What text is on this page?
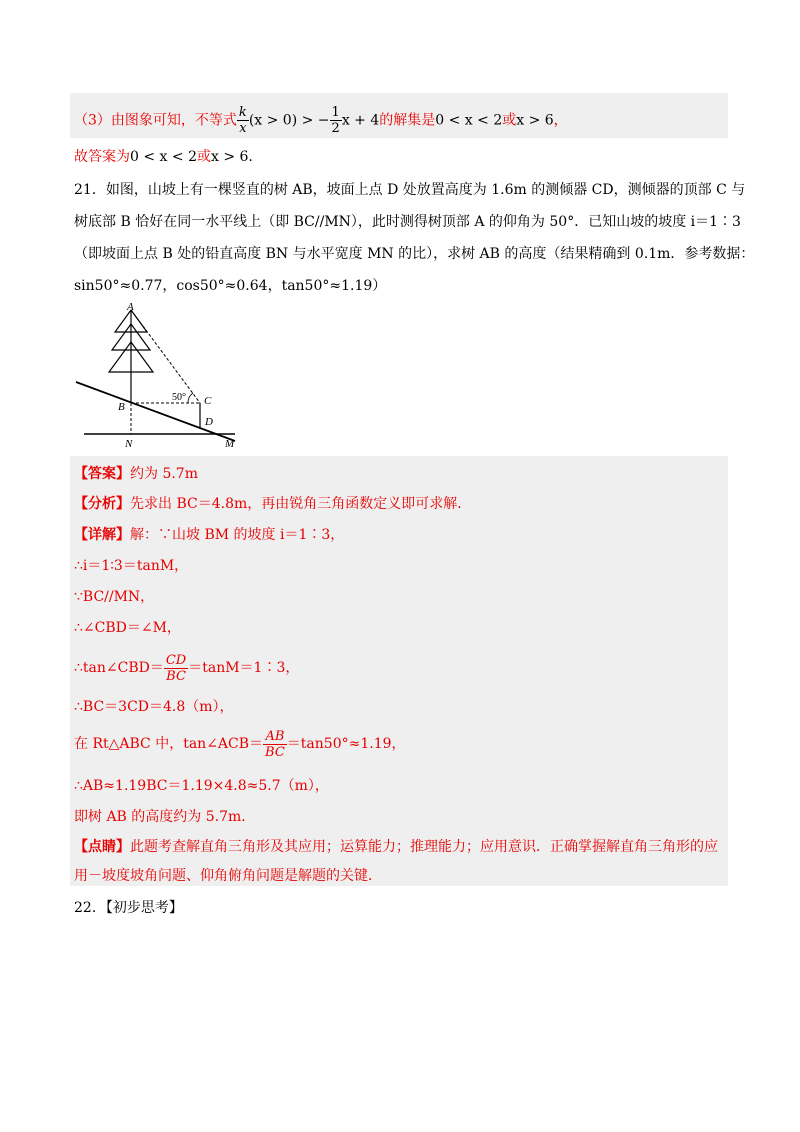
（3）由图象可知，不等式 $\frac{k}{x} (x > 0)$ > − $\frac{1}{2}$ x + 4的解集是0 < x < 2或x > 6，
故答案为0 < x < 2或x > 6.
21．如图，山坡上有一棵竖直的树 AB，坡面上点 D 处放置高度为 1.6m 的测倾器 CD，测倾器的顶部 C 与
树底部 B 恰好在同一水平线上（即 BC//MN），此时测得树顶部 A 的仰角为 50°．已知山坡的坡度 i＝1∶3
（即坡面上点 B 处的铅直高度 BN 与水平宽度 MN 的比），求树 AB 的高度（结果精确到 0.1m．参考数据：
sin50°≈0.77，cos50°≈0.64，tan50°≈1.19）
A
B	C
D
N	M
50°
【答案】约为 5.7m
【分析】先求出 BC＝4.8m，再由锐角三角函数定义即可求解．
【详解】解：∵山坡 BM 的坡度 i＝1∶3，
∴i＝1∶3＝tanM，
∵BC//MN，
∴∠CBD＝∠M，
∴tan∠CBD＝ $\frac{CD}{BC}$ ＝tanM＝1∶3，
∴BC＝3CD＝4.8（m），
在 Rt△ABC 中，tan∠ACB＝ $\frac{AB}{BC} =\tan 50^\circ\approx 1.19$，
∴AB≈1.19BC＝1.19×4.8≈5.7（m），
即树 AB 的高度约为 5.7m．
【点睛】此题考查解直角三角形及其应用；运算能力；推理能力；应用意识．正确掌握解直角三角形的应
用－坡度坡角问题、仰角俯角问题是解题的关键．
22．【初步思考】
